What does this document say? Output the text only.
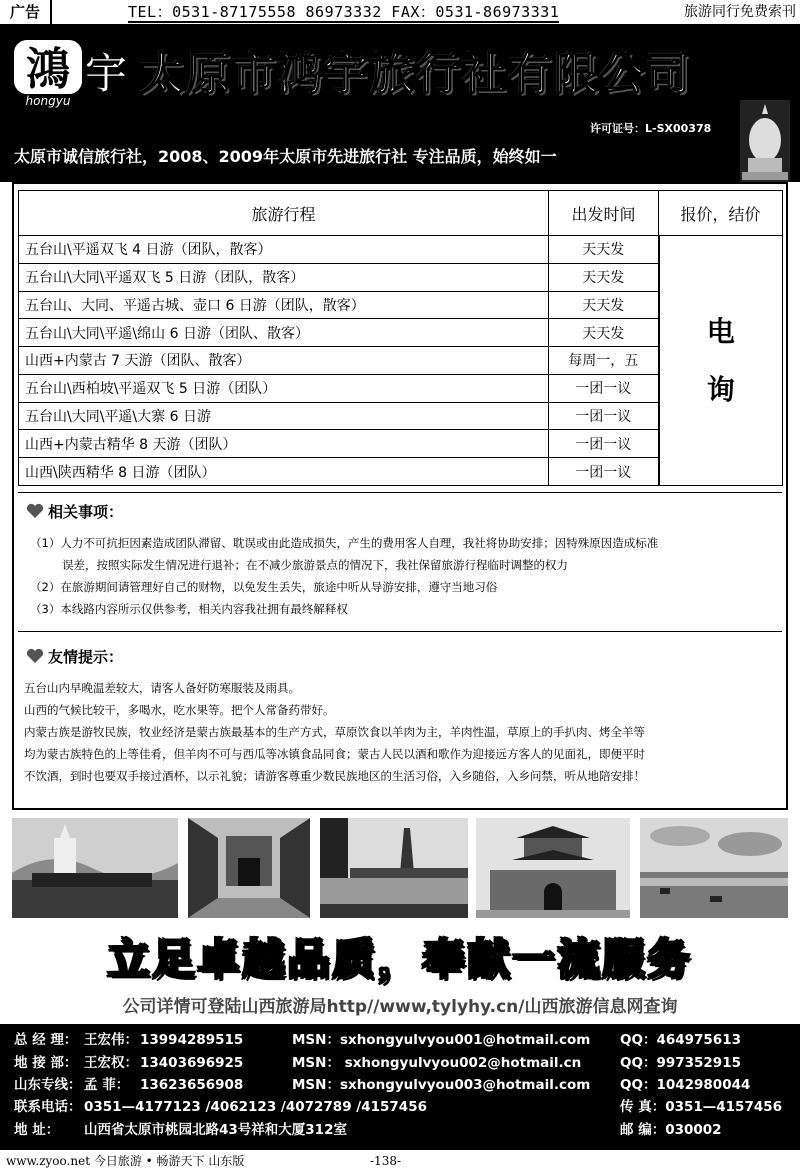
广告	TEL：0531-87175558 86973332 FAX：0531-86973331	旅游同行免费索刊
鴻 宇
hongyu
太原市鸿宇旅行社有限公司
许可证号：L-SX00378
太原市诚信旅行社，2008、2009年太原市先进旅行社 专注品质，始终如一
旅游行程	出发时间	报价，结价
五台山\平遥双飞 4 日游（团队，散客）	天天发	电
询

五台山\大同\平遥双飞 5 日游（团队，散客）	天天发	
五台山、大同、平遥古城、壶口 6 日游（团队，散客）	天天发	
五台山\大同\平遥\绵山 6 日游（团队、散客）	天天发	
山西+内蒙古 7 天游（团队、散客）	每周一，五	
五台山\西柏坡\平遥双飞 5 日游（团队）	一团一议	
五台山\大同\平遥\大寨 6 日游	一团一议	
山西+内蒙古精华 8 天游（团队）	一团一议	
山西\陕西精华 8 日游（团队）	一团一议	
相关事项：
（1）人力不可抗拒因素造成团队滞留、耽误或由此造成损失，产生的费用客人自理，我社将协助安排；因特殊原因造成标准
误差，按照实际发生情况进行退补；在不减少旅游景点的情况下，我社保留旅游行程临时调整的权力
（2）在旅游期间请管理好自己的财物，以免发生丢失，旅途中听从导游安排，遵守当地习俗
（3）本线路内容所示仅供参考，相关内容我社拥有最终解释权
友情提示：
五台山内早晚温差较大，请客人备好防寒服装及雨具。
山西的气候比较干，多喝水，吃水果等。把个人常备药带好。
内蒙古族是游牧民族，牧业经济是蒙古族最基本的生产方式，草原饮食以羊肉为主，羊肉性温，草原上的手扒肉、烤全羊等
均为蒙古族特色的上等佳肴，但羊肉不可与西瓜等冰镇食品同食；蒙古人民以酒和歌作为迎接远方客人的见面礼，即便平时
不饮酒，到时也要双手接过酒杯，以示礼貌；请游客尊重少数民族地区的生活习俗，入乡随俗，入乡问禁，听从地陪安排！
立足卓越品质，奉献一流服务
公司详情可登陆山西旅游局http//www,tylyhy.cn/山西旅游信息网查询
总 经 理： 王宏伟： 13994289515	MSN：sxhongyulvyou001@hotmail.com QQ：464975613
地 接 部： 王宏权： 13403696925	MSN： sxhongyulvyou002@hotmail.cn	QQ：997352915
山东专线： 孟 菲： 13623656908	MSN：sxhongyulvyou003@hotmail.com QQ：1042980044
联系电话： 0351—4177123 /4062123 /4072789 /4157456	传 真：0351—4157456
地 址： 山西省太原市桃园北路43号祥和大厦312室	邮 编：030002
www.zyoo.net 今日旅游 • 畅游天下 山东版	-138-
